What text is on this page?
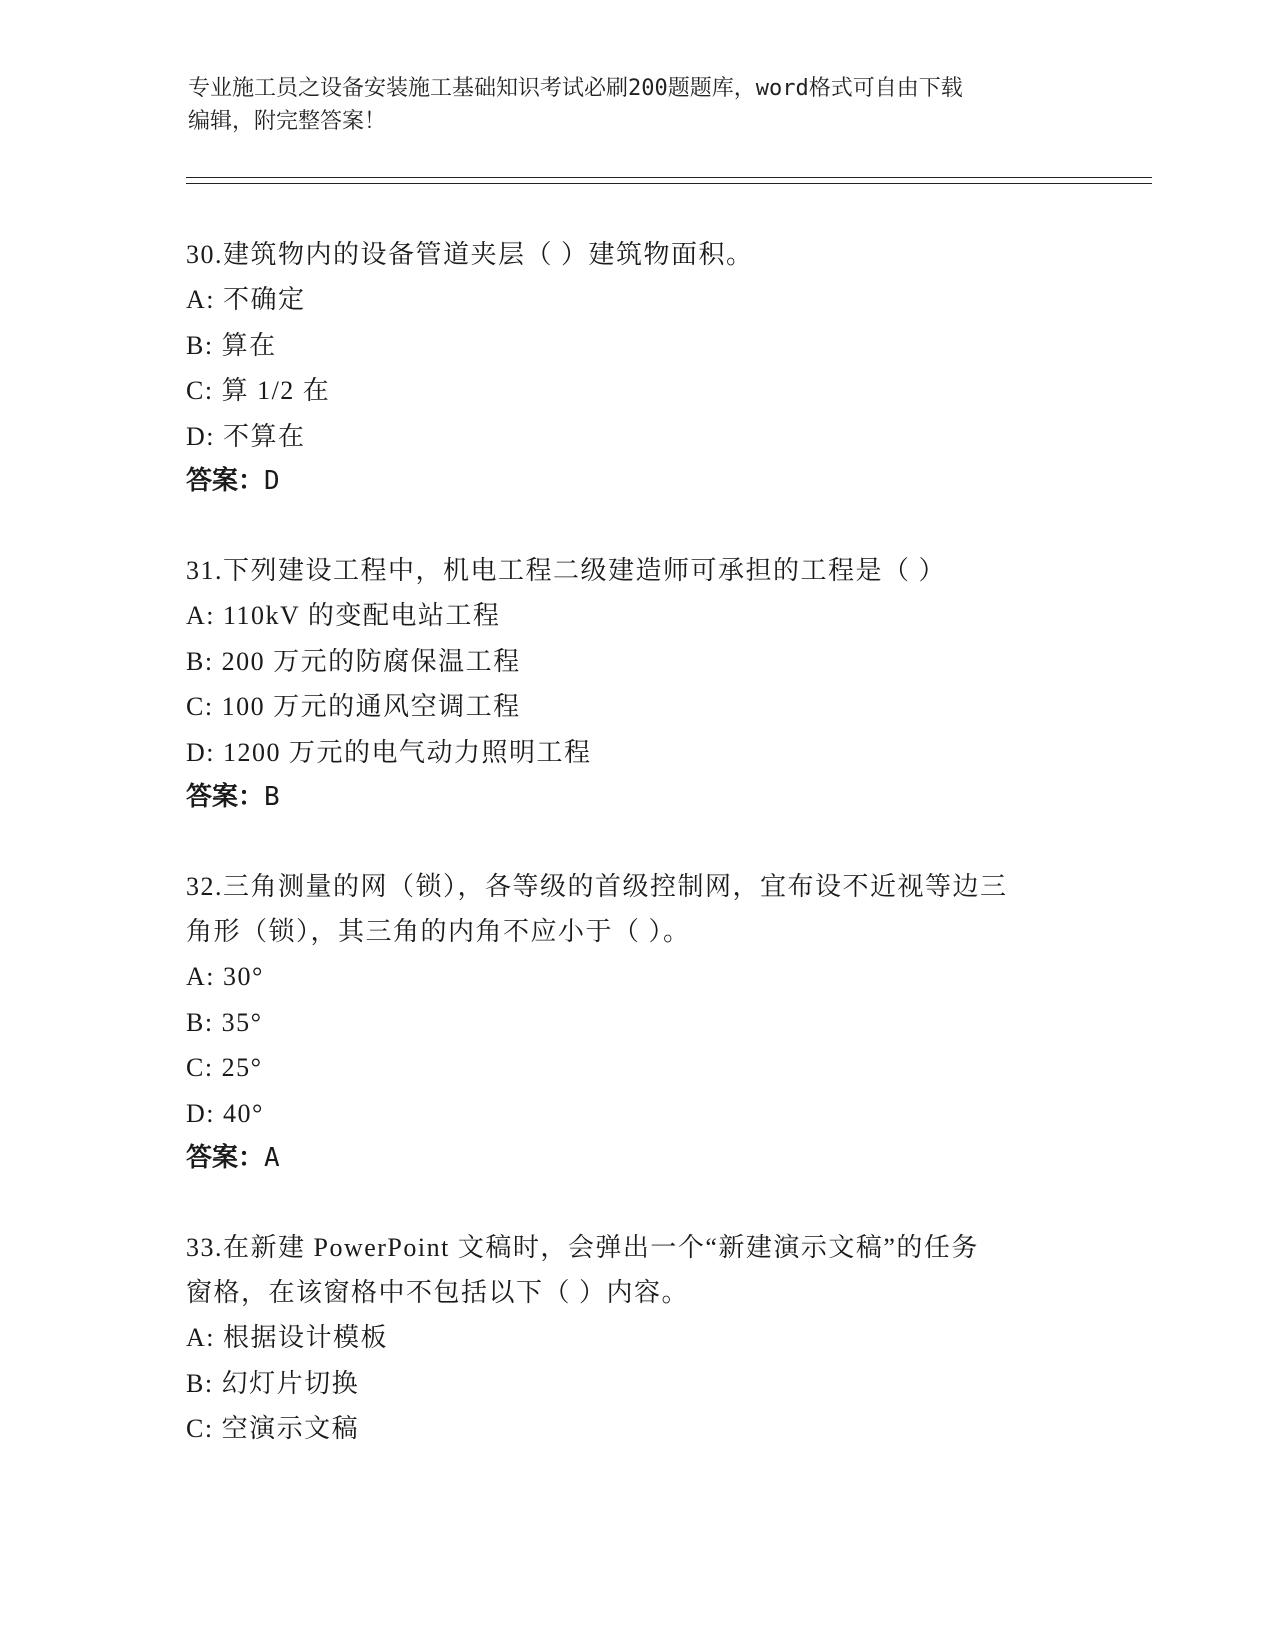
专业施工员之设备安装施工基础知识考试必刷200题题库，word格式可自由下载
编辑，附完整答案！

30.建筑物内的设备管道夹层（ ）建筑物面积。

A: 不确定

B: 算在

C: 算 1/2 在

D: 不算在

答案：D

31.下列建设工程中，机电工程二级建造师可承担的工程是（ ）

A: 110kV 的变配电站工程

B: 200 万元的防腐保温工程

C: 100 万元的通风空调工程

D: 1200 万元的电气动力照明工程

答案：B

32.三角测量的网（锁），各等级的首级控制网，宜布设不近视等边三

角形（锁），其三角的内角不应小于（ ）。

A: 30°

B: 35°

C: 25°

D: 40°

答案：A

33.在新建 PowerPoint 文稿时，会弹出一个“新建演示文稿”的任务

窗格，在该窗格中不包括以下（ ）内容。

A: 根据设计模板

B: 幻灯片切换

C: 空演示文稿
